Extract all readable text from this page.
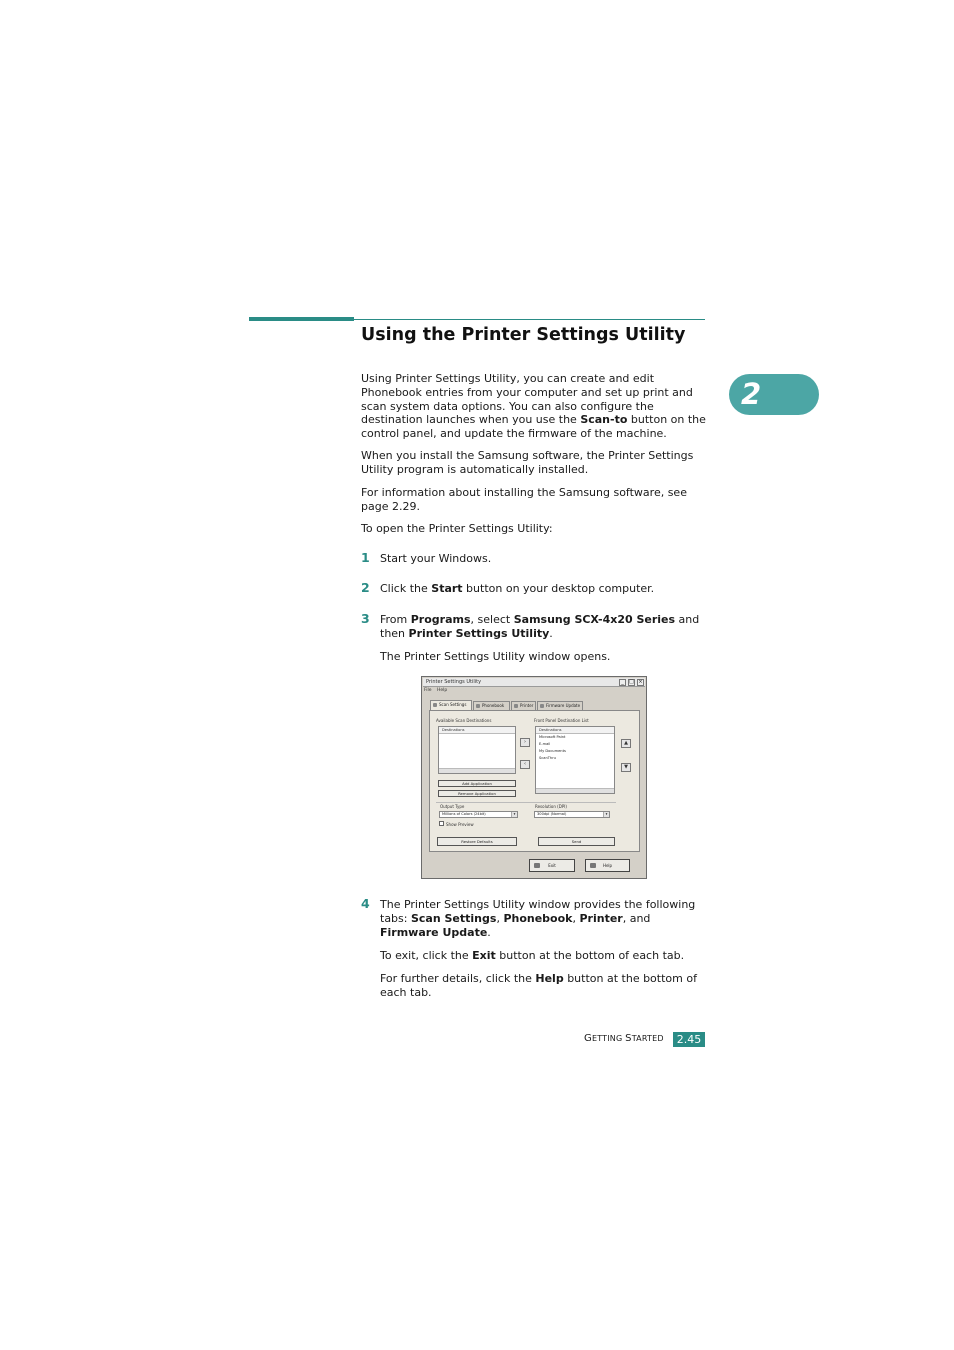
Using the Printer Settings Utility
2

Using Printer Settings Utility, you can create and edit Phonebook entries from your computer and set up print and scan system data options. You can also configure the destination launches when you use the Scan-to button on the control panel, and update the firmware of the machine.

When you install the Samsung software, the Printer Settings Utility program is automatically installed.

For information about installing the Samsung software, see page 2.29.

To open the Printer Settings Utility:

1 Start your Windows.

2 Click the Start button on your desktop computer.

3 From Programs, select Samsung SCX-4x20 Series and then Printer Settings Utility.

The Printer Settings Utility window opens.

Printer Settings Utility	_	□ ×
File Help
Scan Settings	Phonebook	Printer	Firmware Update
Available Scan Destinations	Front Panel Destination List
Destinations
›
‹
Destinations
Microsoft Paint
E-mail
My Documents
ScanThru
▲
▼
Add Application
Remove Application
Output Type	Resolution (DPI)
Millions of Colors (24bit)	▾	300dpi (Normal)	▾
Show Preview
Restore Defaults	Send
Exit	Help
4 The Printer Settings Utility window provides the following tabs: Scan Settings, Phonebook, Printer, and Firmware Update.

To exit, click the Exit button at the bottom of each tab.

For further details, click the Help button at the bottom of each tab.

GETTING STARTED	2.45
